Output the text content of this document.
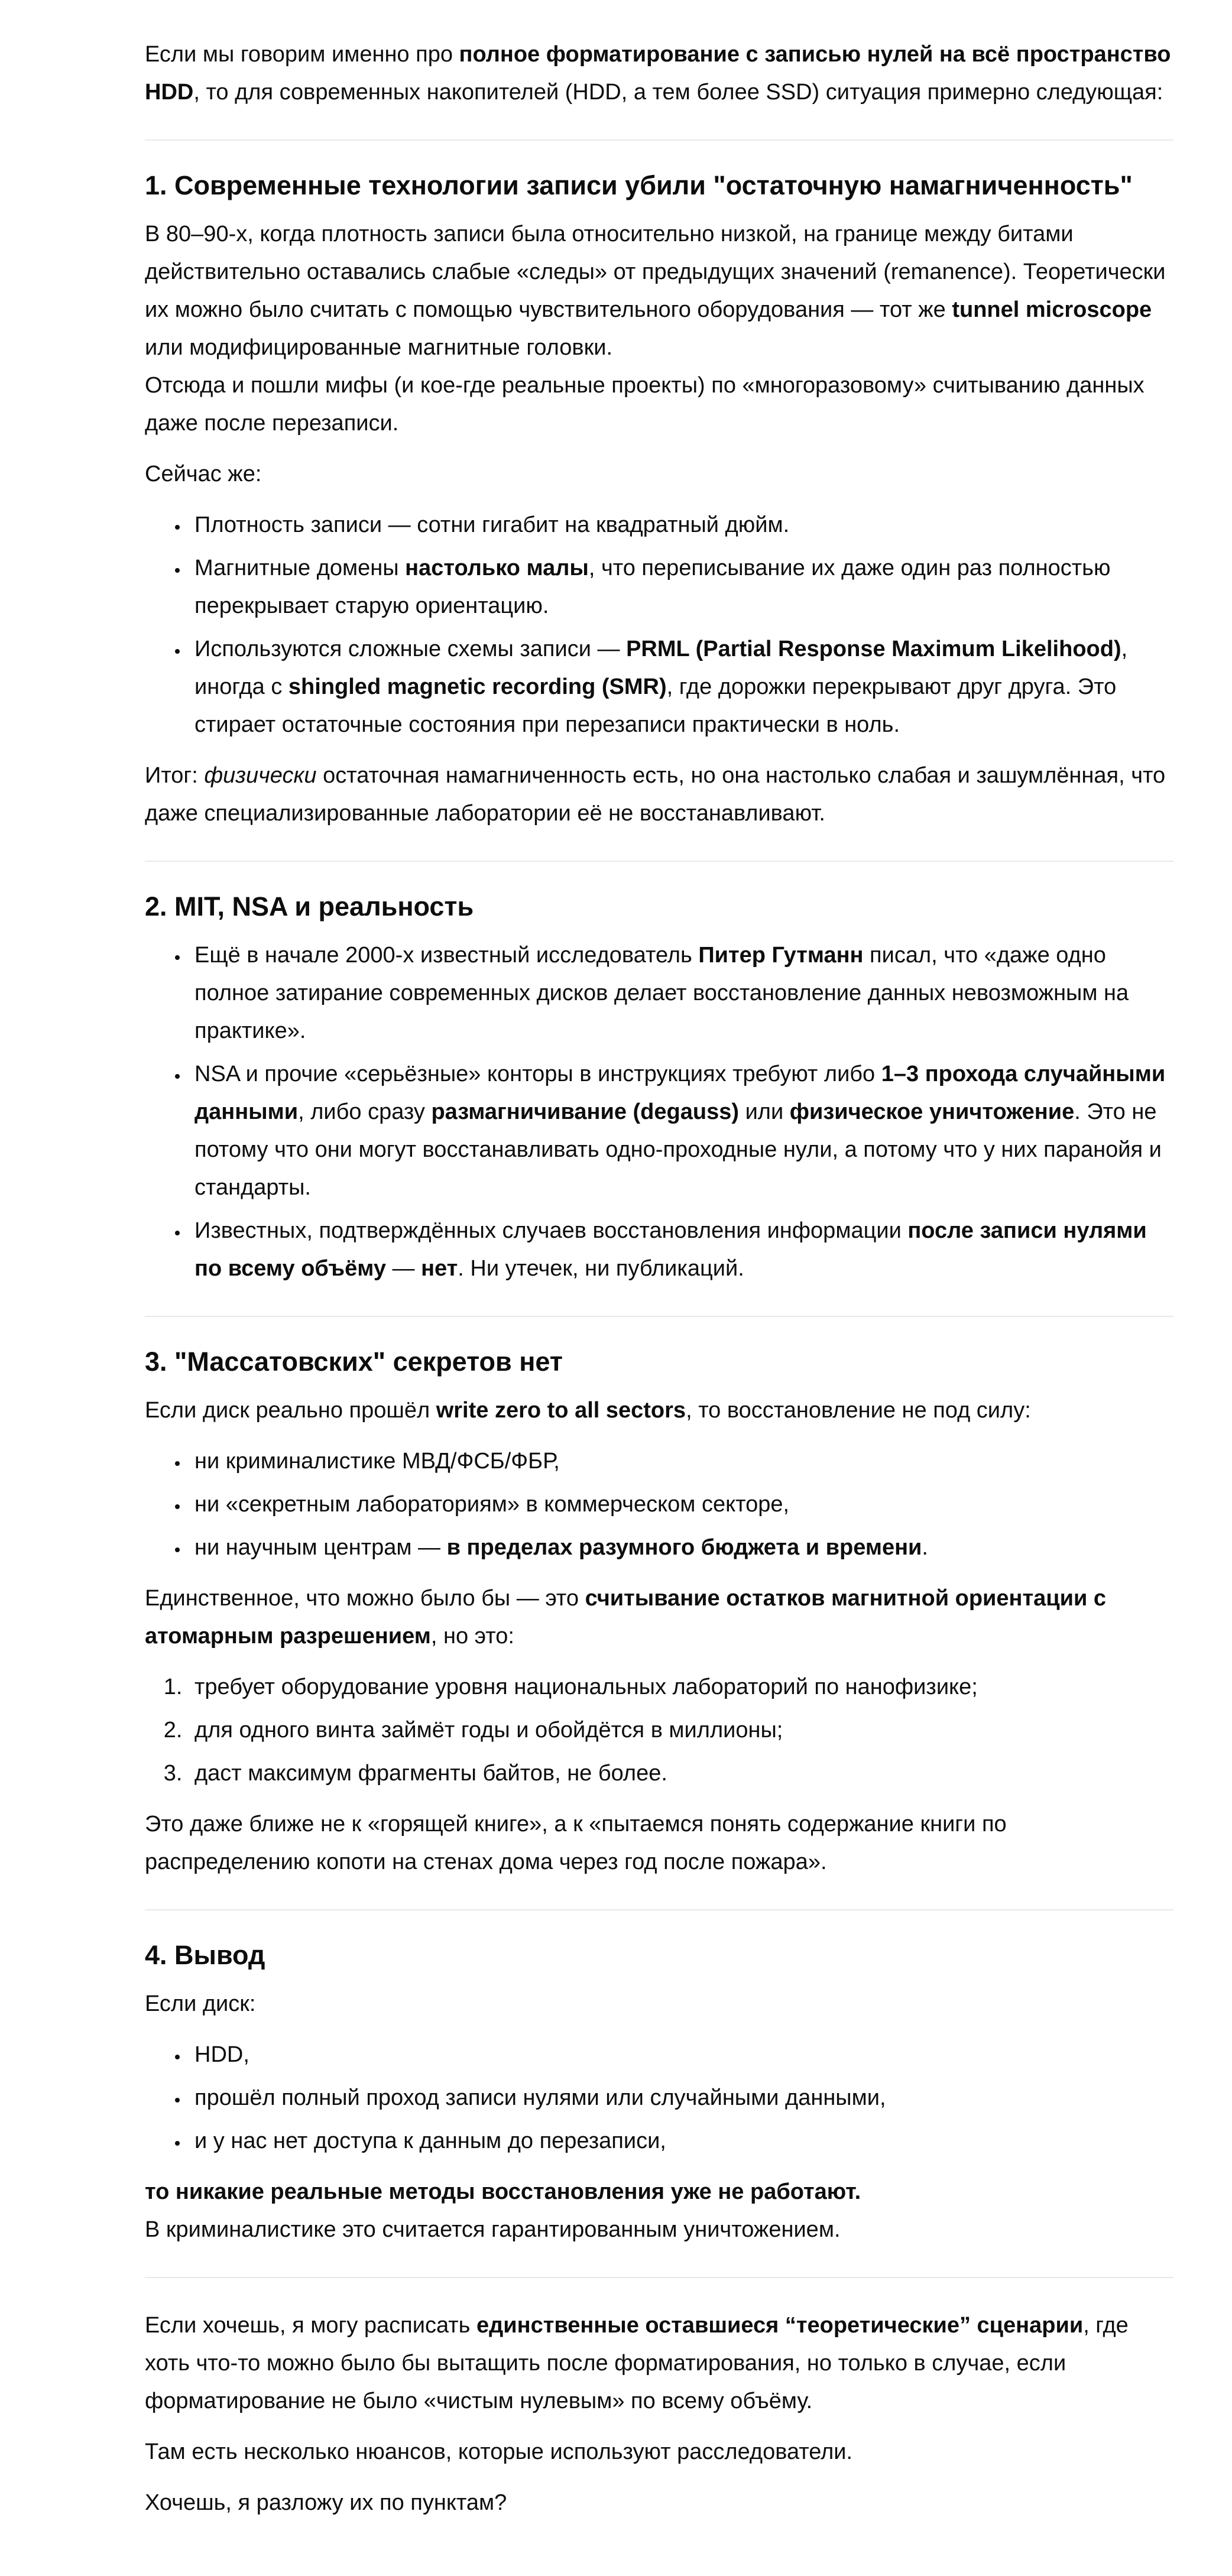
Если мы говорим именно про полное форматирование с записью нулей на всё пространство HDD, то для современных накопителей (HDD, а тем более SSD) ситуация примерно следующая:

1. Современные технологии записи убили "остаточную намагниченность"

В 80–90-х, когда плотность записи была относительно низкой, на границе между битами действительно оставались слабые «следы» от предыдущих значений (remanence). Теоретически их можно было считать с помощью чувствительного оборудования — тот же tunnel microscope или модифицированные магнитные головки.
Отсюда и пошли мифы (и кое-где реальные проекты) по «многоразовому» считыванию данных даже после перезаписи.

Сейчас же:

• Плотность записи — сотни гигабит на квадратный дюйм.
• Магнитные домены настолько малы, что переписывание их даже один раз полностью перекрывает старую ориентацию.
• Используются сложные схемы записи — PRML (Partial Response Maximum Likelihood), иногда с shingled magnetic recording (SMR), где дорожки перекрывают друг друга. Это стирает остаточные состояния при перезаписи практически в ноль.

Итог: физически остаточная намагниченность есть, но она настолько слабая и зашумлённая, что даже специализированные лаборатории её не восстанавливают.

2. MIT, NSA и реальность
• Ещё в начале 2000-х известный исследователь Питер Гутманн писал, что «даже одно полное затирание современных дисков делает восстановление данных невозможным на практике».
• NSA и прочие «серьёзные» конторы в инструкциях требуют либо 1–3 прохода случайными данными, либо сразу размагничивание (degauss) или физическое уничтожение. Это не потому что они могут восстанавливать одно-проходные нули, а потому что у них паранойя и стандарты.
• Известных, подтверждённых случаев восстановления информации после записи нулями по всему объёму — нет. Ни утечек, ни публикаций.
3. "Массатовских" секретов нет

Если диск реально прошёл write zero to all sectors, то восстановление не под силу:

• ни криминалистике МВД/ФСБ/ФБР,
• ни «секретным лабораториям» в коммерческом секторе,
• ни научным центрам — в пределах разумного бюджета и времени.

Единственное, что можно было бы — это считывание остатков магнитной ориентации с атомарным разрешением, но это:

1. требует оборудование уровня национальных лабораторий по нанофизике;
2. для одного винта займёт годы и обойдётся в миллионы;
3. даст максимум фрагменты байтов, не более.

Это даже ближе не к «горящей книге», а к «пытаемся понять содержание книги по распределению копоти на стенах дома через год после пожара».

4. Вывод

Если диск:

• HDD,
• прошёл полный проход записи нулями или случайными данными,
• и у нас нет доступа к данным до перезаписи,

то никакие реальные методы восстановления уже не работают.
В криминалистике это считается гарантированным уничтожением.

Если хочешь, я могу расписать единственные оставшиеся “теоретические” сценарии, где хоть что-то можно было бы вытащить после форматирования, но только в случае, если форматирование не было «чистым нулевым» по всему объёму.

Там есть несколько нюансов, которые используют расследователи.

Хочешь, я разложу их по пунктам?
